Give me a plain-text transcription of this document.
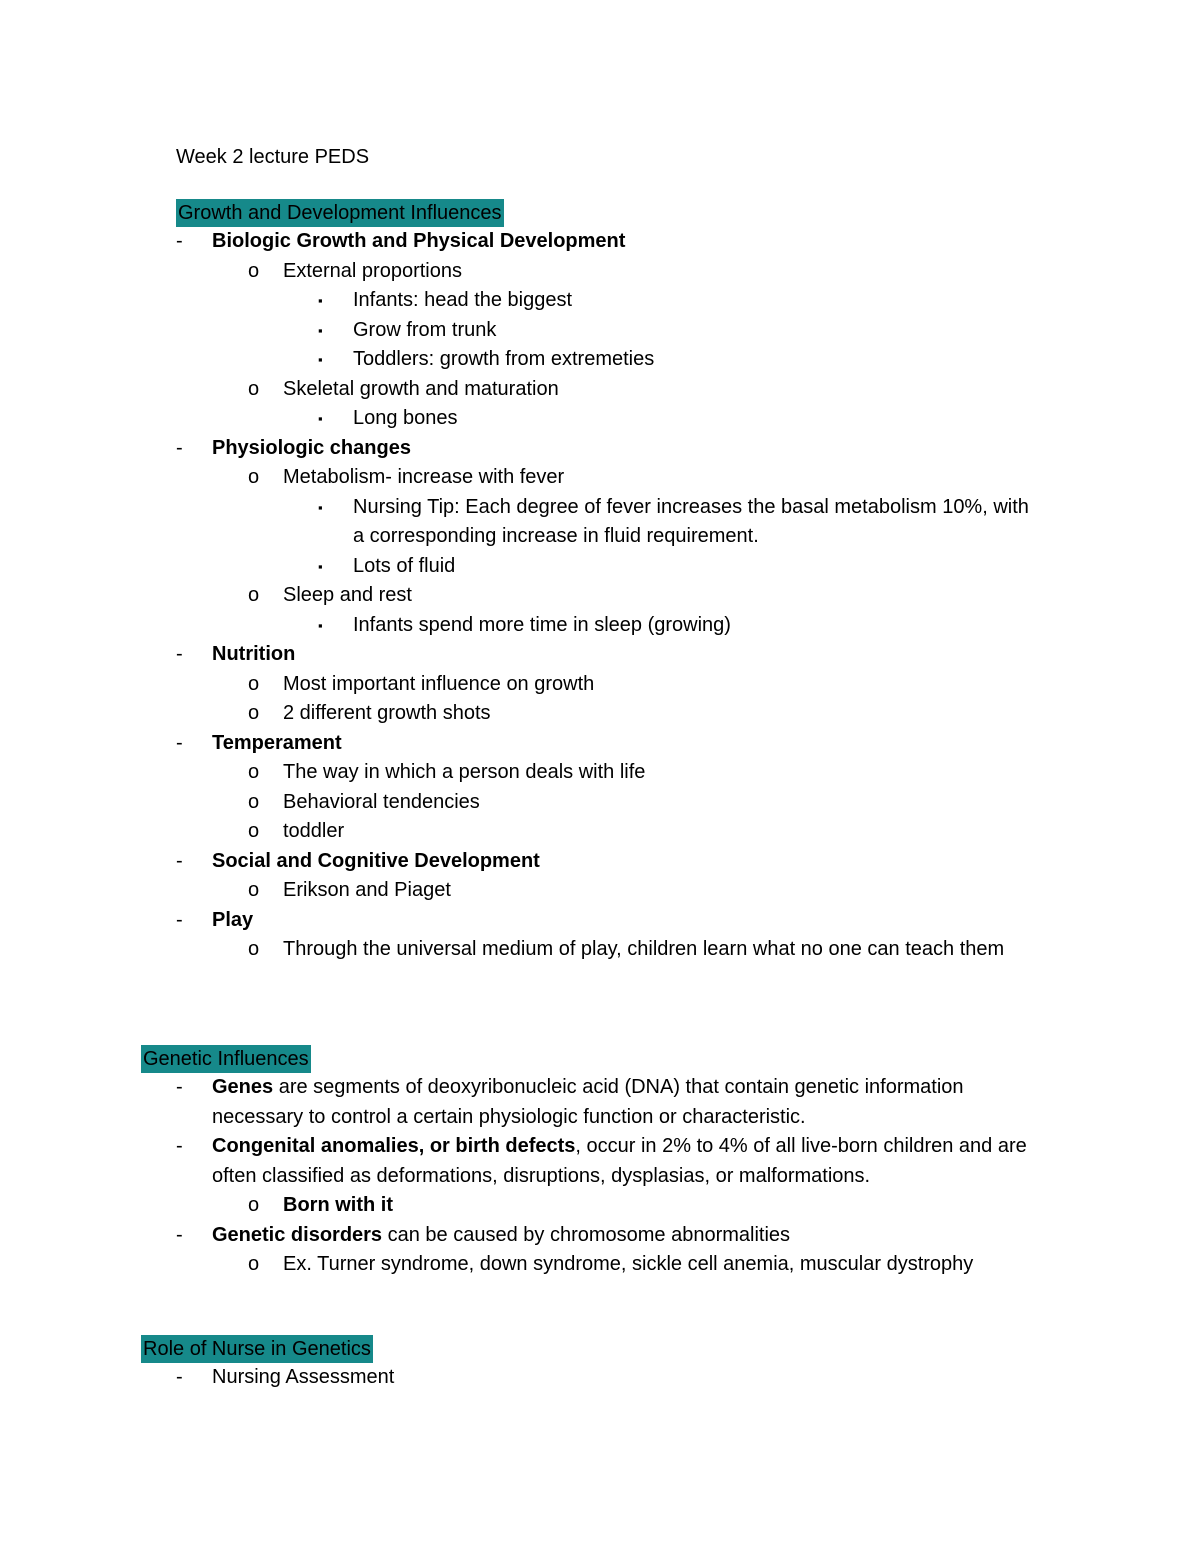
Week 2 lecture PEDS
Growth and Development Influences
- Biologic Growth and Physical Development
o External proportions
▪ Infants: head the biggest
▪ Grow from trunk
▪ Toddlers: growth from extremeties
o Skeletal growth and maturation
▪ Long bones
- Physiologic changes
o Metabolism- increase with fever
▪ Nursing Tip: Each degree of fever increases the basal metabolism 10%, with a corresponding increase in fluid requirement.
▪ Lots of fluid
o Sleep and rest
▪ Infants spend more time in sleep (growing)
- Nutrition
o Most important influence on growth
o 2 different growth shots
- Temperament
o The way in which a person deals with life
o Behavioral tendencies
o toddler
- Social and Cognitive Development
o Erikson and Piaget
- Play
o Through the universal medium of play, children learn what no one can teach them
Genetic Influences
- Genes are segments of deoxyribonucleic acid (DNA) that contain genetic information necessary to control a certain physiologic function or characteristic.
- Congenital anomalies, or birth defects, occur in 2% to 4% of all live-born children and are often classified as deformations, disruptions, dysplasias, or malformations.
o Born with it
- Genetic disorders can be caused by chromosome abnormalities
o Ex. Turner syndrome, down syndrome, sickle cell anemia, muscular dystrophy
Role of Nurse in Genetics
- Nursing Assessment
